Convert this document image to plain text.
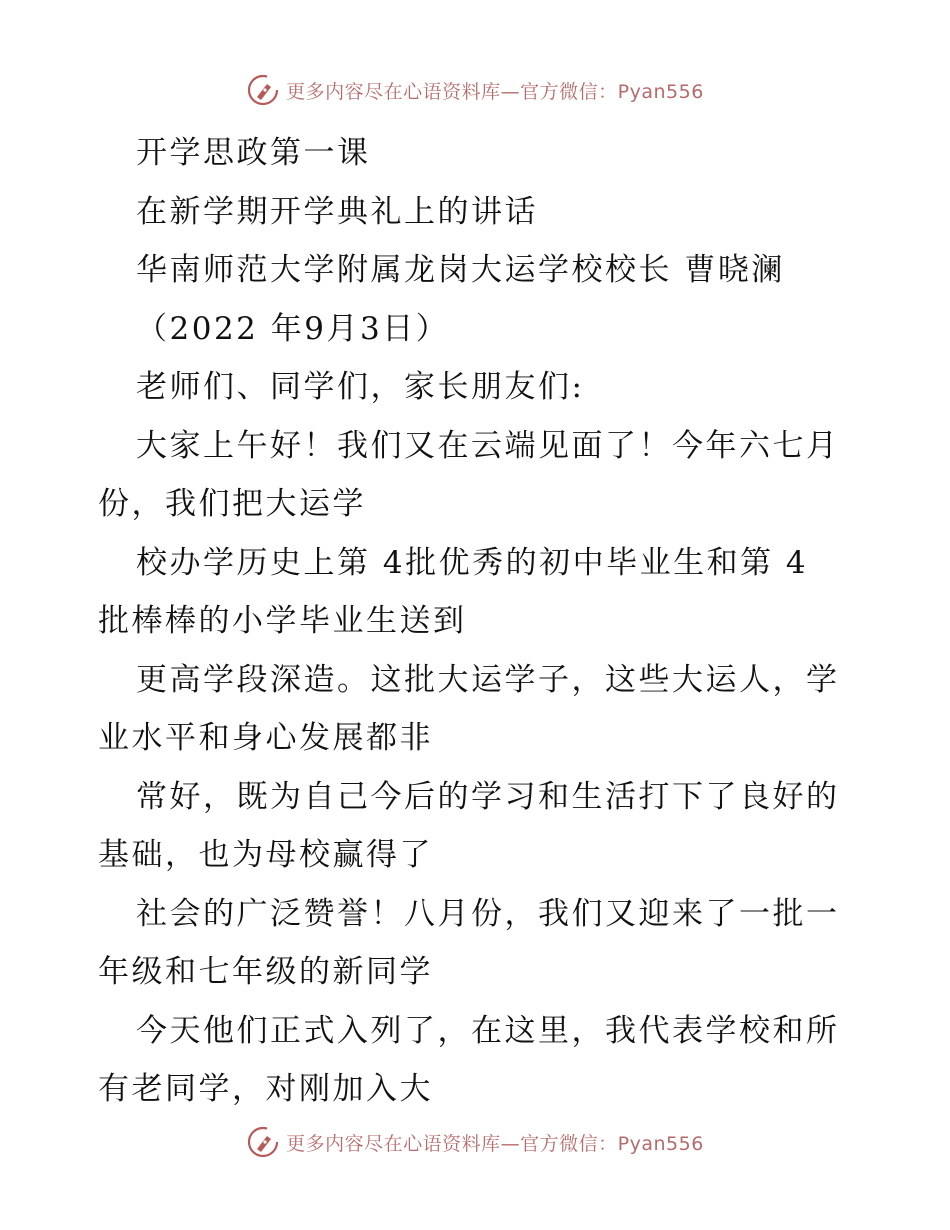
更多内容尽在心语资料库—官方微信：Pyan556
开学思政第一课
在新学期开学典礼上的讲话
华南师范大学附属龙岗大运学校校长 曹晓澜
（2022 年9月3日）
老师们、同学们，家长朋友们:
大家上午好！我们又在云端见面了！今年六七月
份，我们把大运学
校办学历史上第 4批优秀的初中毕业生和第 4
批棒棒的小学毕业生送到
更高学段深造。这批大运学子，这些大运人，学
业水平和身心发展都非
常好，既为自己今后的学习和生活打下了良好的
基础，也为母校赢得了
社会的广泛赞誉！八月份，我们又迎来了一批一
年级和七年级的新同学
今天他们正式入列了，在这里，我代表学校和所
有老同学，对刚加入大
更多内容尽在心语资料库—官方微信：Pyan556
